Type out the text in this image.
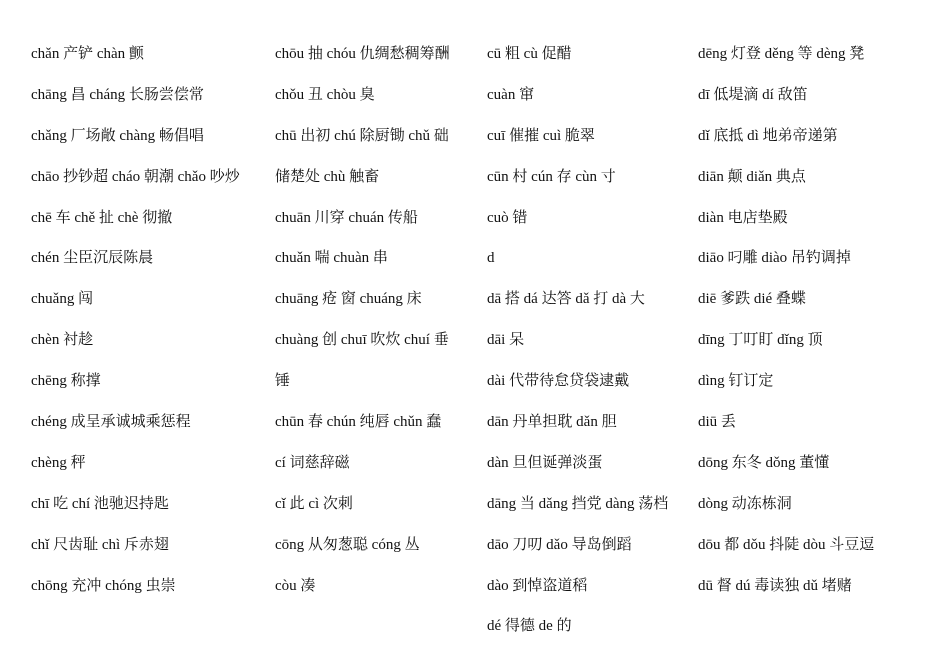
chǎn 产铲 chàn 颤
chāng 昌 cháng 长肠尝偿常
chǎng 厂场敞 chàng 畅倡唱
chāo 抄钞超 cháo 朝潮 chǎo 吵炒
chē 车 chě 扯 chè 彻撤
chén 尘臣沉辰陈晨
chuǎng 闯
chèn 衬趁
chēng 称撑
chéng 成呈承诚城乘惩程
chèng 秤
chī 吃 chí 池驰迟持匙
chǐ 尺齿耻 chì 斥赤翅
chōng 充冲 chóng 虫崇
chōu 抽 chóu 仇绸愁稠筹酬
chǒu 丑 chòu 臭
chū 出初 chú 除厨锄 chǔ 础
储楚处 chù 触畜
chuān 川穿 chuán 传船
chuǎn 喘 chuàn 串
chuāng 疮 窗 chuáng 床
chuàng 创 chuī 吹炊 chuí 垂
锤
chūn 春 chún 纯唇 chǔn 蠢
cí 词慈辞磁
cǐ 此 cì 次刺
cōng 从匆葱聪 cóng 丛
còu 凑
cū 粗 cù 促醋
cuàn 窜
cuī 催摧 cuì 脆翠
cūn 村 cún 存 cùn 寸
cuò 错
d
dā 搭 dá 达答 dǎ 打 dà 大
dāi 呆
dài 代带待怠贷袋逮戴
dān 丹单担耽 dǎn 胆
dàn 旦但诞弹淡蛋
dāng 当 dǎng 挡党 dàng 荡档
dāo 刀叨 dǎo 导岛倒蹈
dào 到悼盗道稻
dé 得德 de 的
dēng 灯登 děng 等 dèng 凳
dī 低堤滴 dí 敌笛
dǐ 底抵 dì 地弟帝递第
diān 颠 diǎn 典点
diàn 电店垫殿
diāo 叼雕 diào 吊钓调掉
diē 爹跌 dié 叠蝶
dīng 丁叮盯 dǐng 顶
dìng 钉订定
diū 丢
dōng 东冬 dǒng 董懂
dòng 动冻栋洞
dōu 都 dǒu 抖陡 dòu 斗豆逗
dū 督 dú 毒读独 dǔ 堵赌
